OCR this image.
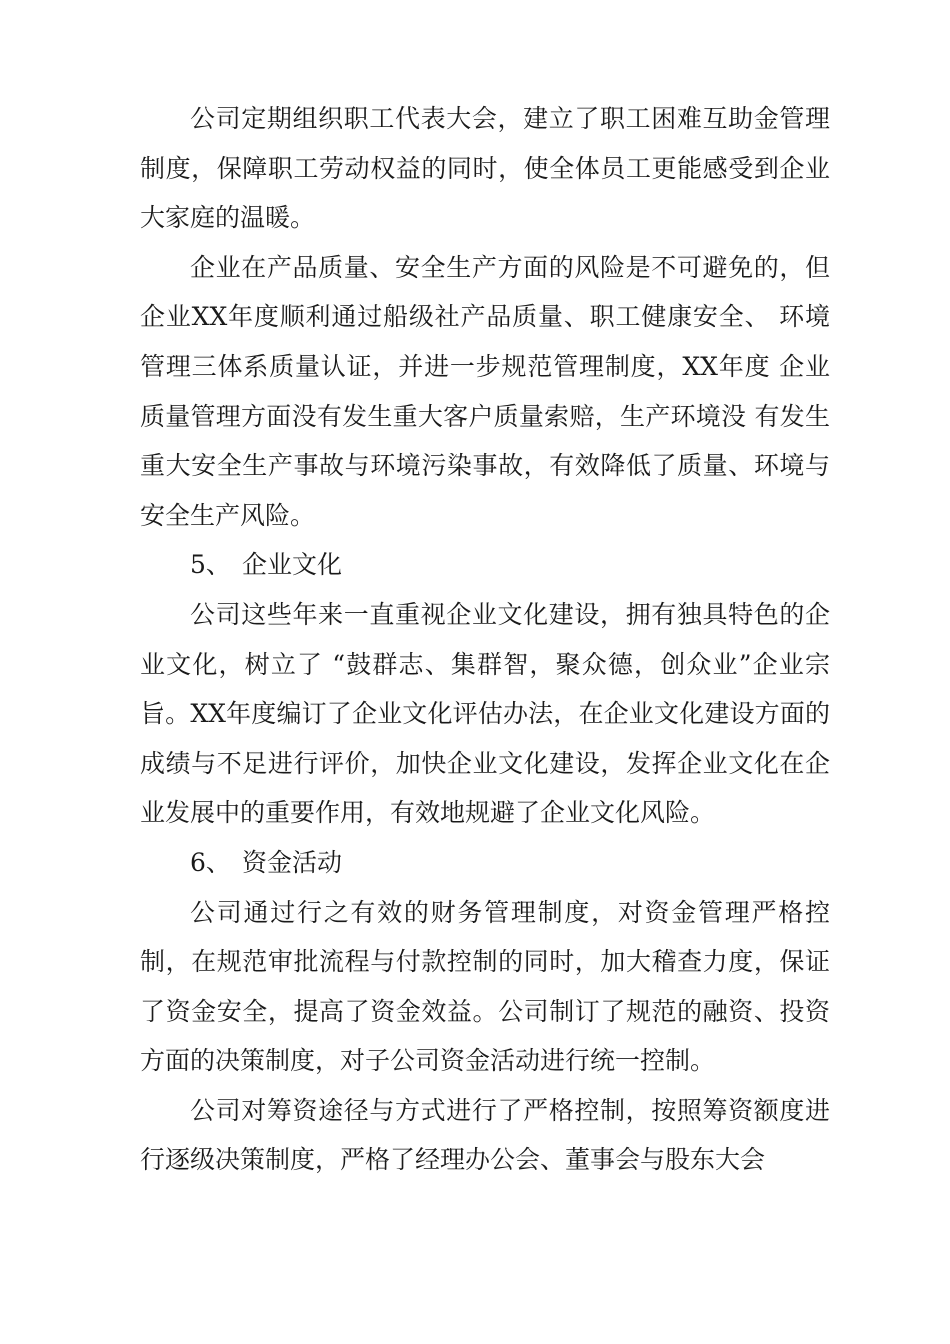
公司定期组织职工代表大会，建立了职工困难互助金管理制度，保障职工劳动权益的同时，使全体员工更能感受到企业大家庭的温暖。

企业在产品质量、安全生产方面的风险是不可避免的，但企业XX年度顺利通过船级社产品质量、职工健康安全、 环境管理三体系质量认证，并进一步规范管理制度，XX年度 企业质量管理方面没有发生重大客户质量索赔，生产环境没 有发生重大安全生产事故与环境污染事故，有效降低了质量、环境与安全生产风险。

5、 企业文化

公司这些年来一直重视企业文化建设，拥有独具特色的企业文化，树立了 “鼓群志、集群智，聚众德，创众业”企业宗旨。XX年度编订了企业文化评估办法，在企业文化建设方面的成绩与不足进行评价，加快企业文化建设，发挥企业文化在企业发展中的重要作用，有效地规避了企业文化风险。

6、 资金活动

公司通过行之有效的财务管理制度，对资金管理严格控制，在规范审批流程与付款控制的同时，加大稽查力度，保证了资金安全，提高了资金效益。公司制订了规范的融资、投资方面的决策制度，对子公司资金活动进行统一控制。

公司对筹资途径与方式进行了严格控制，按照筹资额度进行逐级决策制度，严格了经理办公会、董事会与股东大会
